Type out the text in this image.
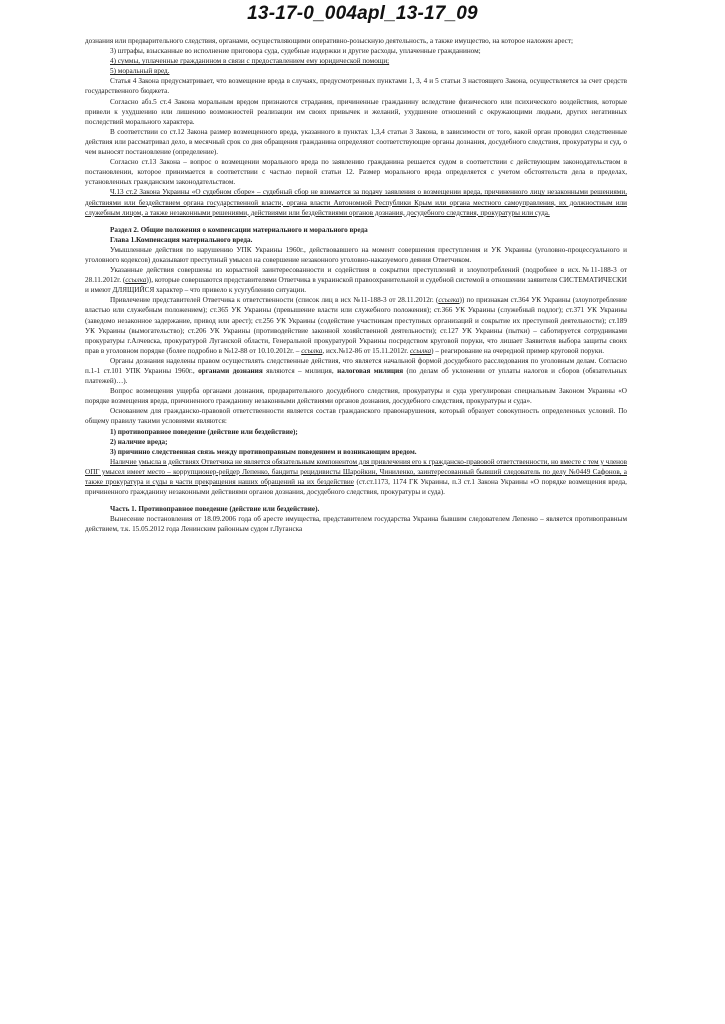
13-17-0_004apl_13-17_09

дознания или предварительного следствия, органами, осуществляющими оперативно-розыскную деятельность, а также имущество, на которое наложен арест;

3) штрафы, взысканные во исполнение приговора суда, судебные издержки и другие расходы, уплаченные гражданином;

4) суммы, уплаченные гражданином в связи с предоставлением ему юридической помощи;

5) моральный вред.

Статья 4 Закона предусматривает, что возмещение вреда в случаях, предусмотренных пунктами 1, 3, 4 и 5 статьи 3 настоящего Закона, осуществляется за счет средств государственного бюджета.

Согласно абз.5 ст.4 Закона моральным вредом признаются страдания, причиненные гражданину вследствие физического или психического воздействия, которые привели к ухудшению или лишению возможностей реализации им своих привычек и желаний, ухудшение отношений с окружающими людьми, других негативных последствий морального характера.

В соответствии со ст.12 Закона размер возмещенного вреда, указанного в пунктах 1,3,4 статьи 3 Закона, в зависимости от того, какой орган проводил следственные действия или рассматривал дело, в месячный срок со дня обращения гражданина определяют соответствующие органы дознания, досудебного следствия, прокуратуры и суд, о чем выносят постановление (определение).

Согласно ст.13 Закона – вопрос о возмещении морального вреда по заявлению гражданина решается судом в соответствии с действующим законодательством в постановлении, которое принимается в соответствии с частью первой статьи 12. Размер морального вреда определяется с учетом обстоятельств дела в пределах, установленных гражданским законодательством.

Ч.13 ст.2 Закона Украины «О судебном сборе» – судебный сбор не взимается за подачу заявления о возмещении вреда, причиненного лицу незаконными решениями, действиями или бездействием органа государственной власти, органа власти Автономной Республики Крым или органа местного самоуправления, их должностным или служебным лицом, а также незаконными решениями, действиями или бездействиями органов дознания, досудебного следствия, прокуратуры или суда.

Раздел 2. Общие положения о компенсации материального и морального вреда

Глава 1.Компенсация материального вреда.

Умышленные действия по нарушению УПК Украины 1960г., действовавшего на момент совершения преступления и УК Украины (уголовно-процессуального и уголовного кодексов) доказывают преступный умысел на совершение незаконного уголовно-наказуемого деяния Ответчиком.

Указанные действия совершены из корыстной заинтересованности и содействия в сокрытии преступлений и злоупотреблений (подробнее в исх.№11-188-3 от 28.11.2012г. (ссылка)), которые совершаются представителями Ответчика в украинской правоохранительной и судебной системой в отношении заявителя СИСТЕМАТИЧЕСКИ и имеют ДЛЯЩИЙСЯ характер – что привело к усугублению ситуации.

Привлечение представителей Ответчика к ответственности (список лиц в исх №11-188-3 от 28.11.2012г. (ссылка)) по признакам ст.364 УК Украины (злоупотребление властью или служебным положением); ст.365 УК Украины (превышение власти или служебного положения); ст.366 УК Украины (служебный подлог); ст.371 УК Украины (заведомо незаконное задержание, привод или арест); ст.256 УК Украины (содействие участникам преступных организаций и сокрытие их преступной деятельности); ст.189 УК Украины (вымогательство); ст.206 УК Украины (противодействие законной хозяйственной деятельности); ст.127 УК Украины (пытки) – саботируется сотрудниками прокуратуры г.Алчевска, прокуратурой Луганской области, Генеральной прокуратурой Украины посредством круговой поруки, что лишает Заявителя выбора защиты своих прав в уголовном порядке (более подробно в №12-88 от 10.10.2012г. – ссылка, исх.№12-86 от 15.11.2012г. ссылка) – реагирование на очередной пример круговой поруки.

Органы дознания наделены правом осуществлять следственные действия, что является начальной формой досудебного расследования по уголовным делам. Согласно п.1-1 ст.101 УПК Украины 1960г., органами дознания являются – милиция, налоговая милиция (по делам об уклонении от уплаты налогов и сборов (обязательных платежей)…).

Вопрос возмещения ущерба органами дознания, предварительного досудебного следствия, прокуратуры и суда урегулирован специальным Законом Украины «О порядке возмещения вреда, причиненного гражданину незаконными действиями органов дознания, досудебного следствия, прокуратуры и суда».

Основанием для гражданско-правовой ответственности является состав гражданского правонарушения, который образует совокупность определенных условий. По общему правилу такими условиями являются:

1) противоправное поведение (действие или бездействие);

2) наличие вреда;

3) причинно следственная связь между противоправным поведением и возникающим вредом.

Наличие умысла в действиях Ответчика не является обязательным компонентом для привлечения его к гражданско-правовой ответственности, но вместе с тем у членов ОПГ умысел имеет место – коррупционер-рейдер Лепенко, бандиты рецидивисты Шаройкин, Чиниленко, заинтересованный бывший следователь по делу №0449 Сафонов, а также прокуратура и суды в части прекращения наших обращений на их бездействие (ст.ст.1173, 1174 ГК Украины, п.3 ст.1 Закона Украины «О порядке возмещения вреда, причиненного гражданину незаконными действиями органов дознания, досудебного следствия, прокуратуры и суда).

Часть 1. Противоправное поведение (действие или бездействие).

Вынесение постановления от 18.09.2006 года об аресте имущества, представителем государства Украина бывшим следователем Лепенко – является противоправным действием, т.к. 15.05.2012 года Ленинским районным судом г.Луганска
